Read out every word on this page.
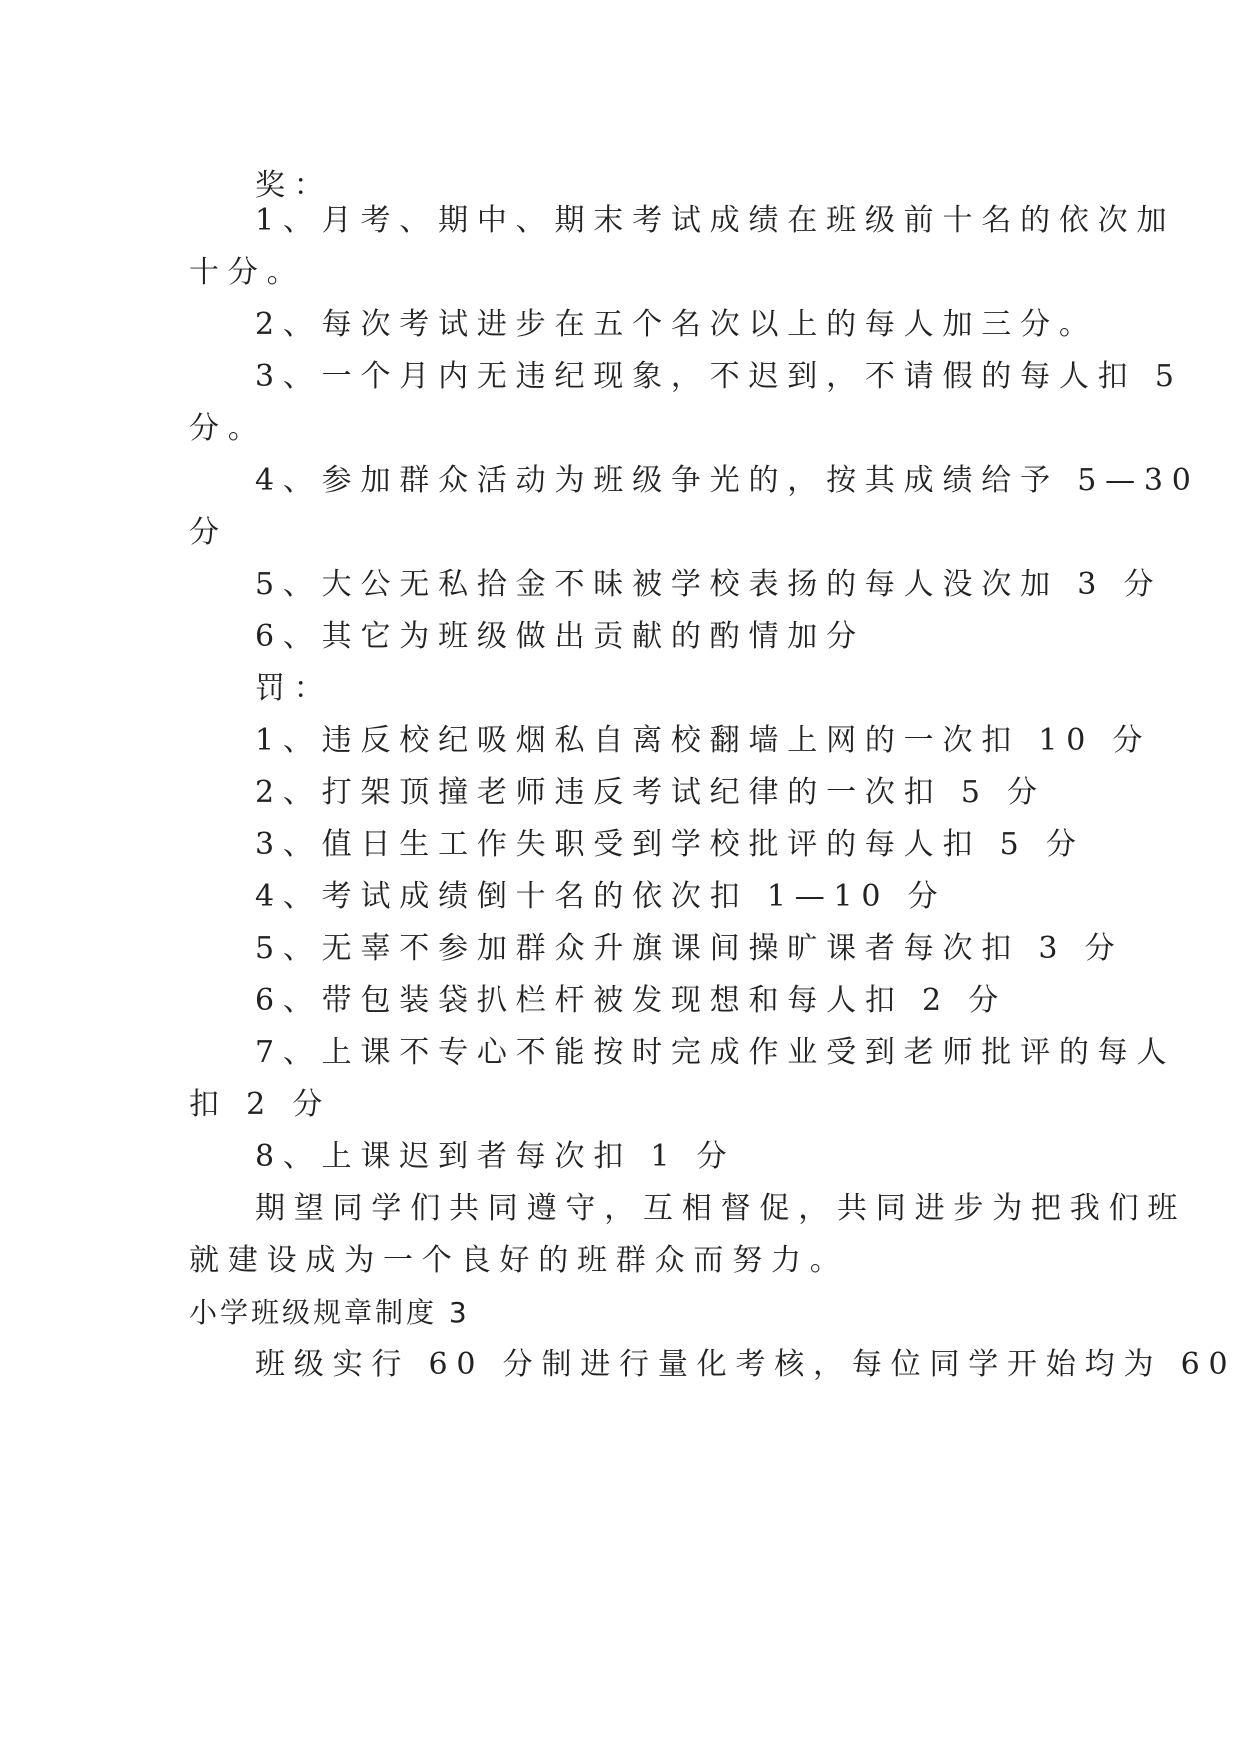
奖：
1、月考、期中、期末考试成绩在班级前十名的依次加
十分。
2、每次考试进步在五个名次以上的每人加三分。
3、一个月内无违纪现象，不迟到，不请假的每人扣 5
分。
4、参加群众活动为班级争光的，按其成绩给予 5—30
分
5、大公无私拾金不昧被学校表扬的每人没次加 3 分
6、其它为班级做出贡献的酌情加分
罚：
1、违反校纪吸烟私自离校翻墙上网的一次扣 10 分
2、打架顶撞老师违反考试纪律的一次扣 5 分
3、值日生工作失职受到学校批评的每人扣 5 分
4、考试成绩倒十名的依次扣 1—10 分
5、无辜不参加群众升旗课间操旷课者每次扣 3 分
6、带包装袋扒栏杆被发现想和每人扣 2 分
7、上课不专心不能按时完成作业受到老师批评的每人
扣 2 分
8、上课迟到者每次扣 1 分
期望同学们共同遵守，互相督促，共同进步为把我们班
就建设成为一个良好的班群众而努力。
小学班级规章制度 3
班级实行 60 分制进行量化考核，每位同学开始均为 60
